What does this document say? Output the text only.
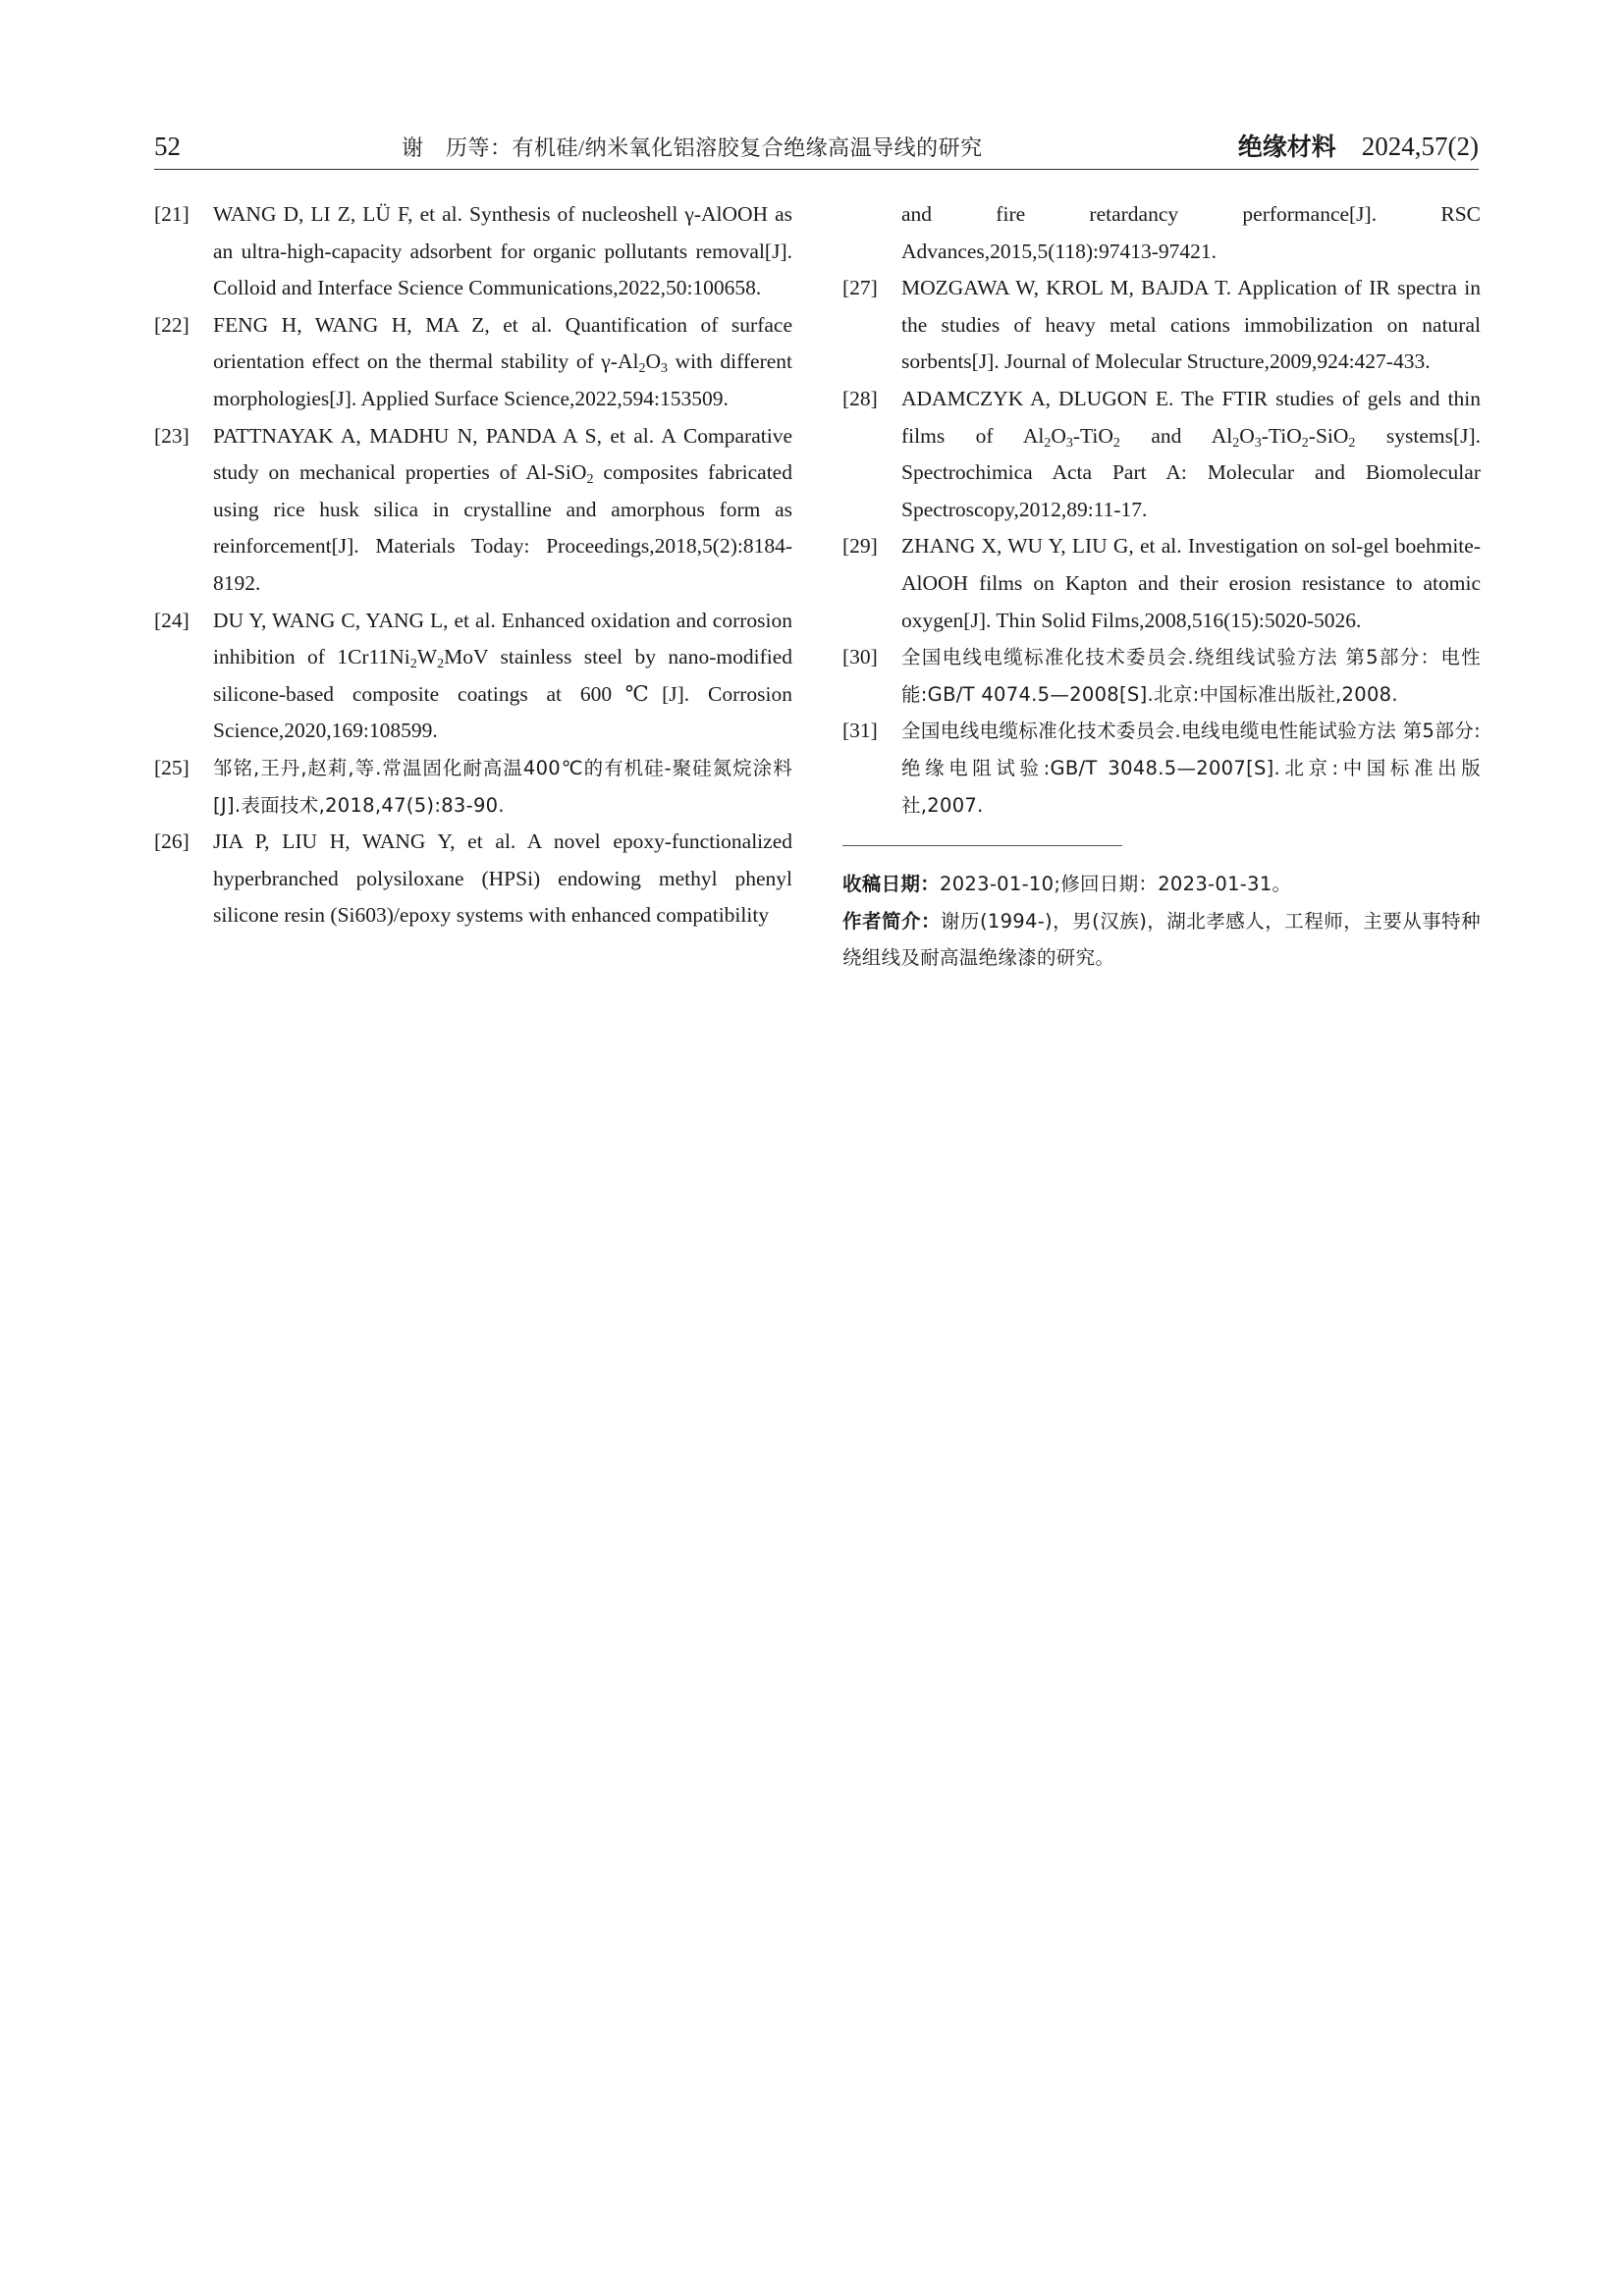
52	谢　历等：有机硅/纳米氧化铝溶胶复合绝缘高温导线的研究	绝缘材料 2024,57(2)
[21] WANG D, LI Z, LÜ F, et al. Synthesis of nucleoshell γ-AlOOH as an ultra-high-capacity adsorbent for organic pollutants removal[J]. Colloid and Interface Science Communications,2022,50:100658.
[22] FENG H, WANG H, MA Z, et al. Quantification of surface orientation effect on the thermal stability of $\gamma-Al_2O_3$ with different morphologies[J]. Applied Surface Science,2022,594:153509.
[23] PATTNAYAK A, MADHU N, PANDA A S, et al. A Comparative study on mechanical properties of Al-SiO$_2$ composites fabricated using rice husk silica in crystalline and amorphous form as reinforcement[J]. Materials Today: Proceedings,2018,5(2):8184-8192.
[24] DU Y, WANG C, YANG L, et al. Enhanced oxidation and corrosion inhibition of $1Cr11Ni_2W_2MoV$ stainless steel by nano-modified silicone-based composite coatings at 600℃[J]. Corrosion Science,2020,169:108599.
[25] 邹铭,王丹,赵莉,等.常温固化耐高温400℃的有机硅-聚硅氮烷涂料[J].表面技术,2018,47(5):83-90.
[26] JIA P, LIU H, WANG Y, et al. A novel epoxy-functionalized hyperbranched polysiloxane (HPSi) endowing methyl phenyl silicone resin (Si603)/epoxy systems with enhanced compatibility
and fire retardancy performance[J]. RSC Advances,2015,5(118):97413-97421.
[27] MOZGAWA W, KROL M, BAJDA T. Application of IR spectra in the studies of heavy metal cations immobilization on natural sorbents[J]. Journal of Molecular Structure,2009,924:427-433.
[28] ADAMCZYK A, DLUGON E. The FTIR studies of gels and thin films of $Al_2O_3-TiO_2$ and $Al_2O_3-TiO_2-SiO_2$ systems[J]. Spectrochimica Acta Part A: Molecular and Biomolecular Spectroscopy,2012,89:11-17.
[29] ZHANG X, WU Y, LIU G, et al. Investigation on sol-gel boehmite-AlOOH films on Kapton and their erosion resistance to atomic oxygen[J]. Thin Solid Films,2008,516(15):5020-5026.
[30] 全国电线电缆标准化技术委员会.绕组线试验方法 第5部分：电性能:GB/T 4074.5—2008[S].北京:中国标准出版社,2008.
[31] 全国电线电缆标准化技术委员会.电线电缆电性能试验方法 第5部分:绝缘电阻试验:GB/T 3048.5—2007[S].北京:中国标准出版社,2007.
收稿日期：2023-01-10;修回日期：2023-01-31。
作者简介：谢历(1994-)，男(汉族)，湖北孝感人，工程师，主要从事特种绕组线及耐高温绝缘漆的研究。
